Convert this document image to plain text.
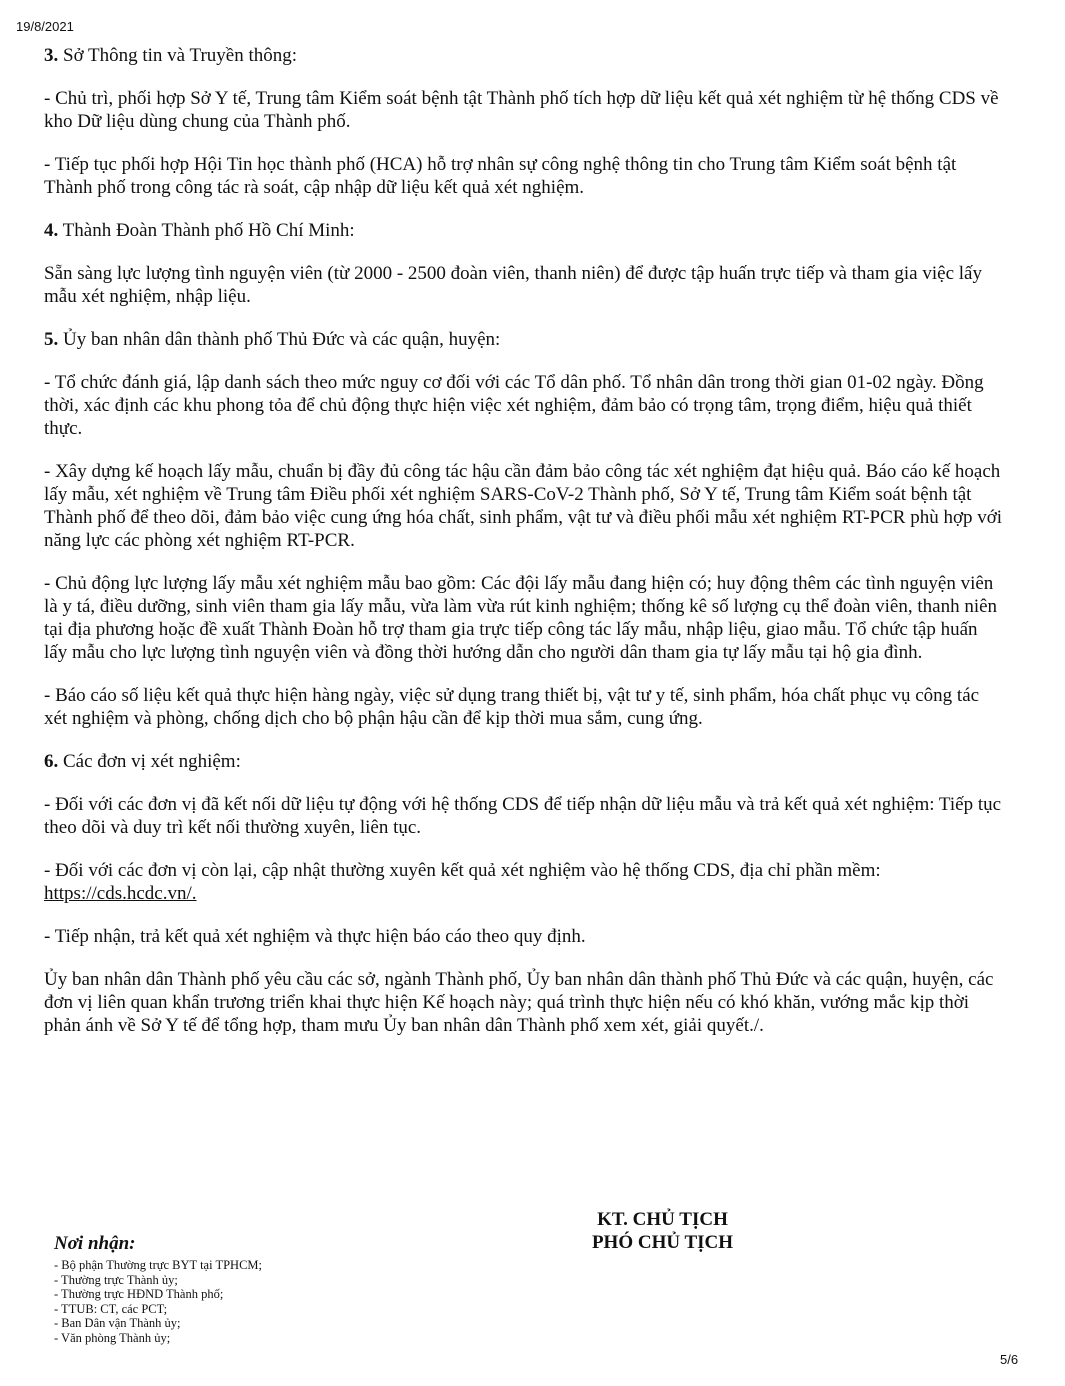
19/8/2021

3. Sở Thông tin và Truyền thông:

- Chủ trì, phối hợp Sở Y tế, Trung tâm Kiểm soát bệnh tật Thành phố tích hợp dữ liệu kết quả xét nghiệm từ hệ thống CDS về kho Dữ liệu dùng chung của Thành phố.

- Tiếp tục phối hợp Hội Tin học thành phố (HCA) hỗ trợ nhân sự công nghệ thông tin cho Trung tâm Kiểm soát bệnh tật Thành phố trong công tác rà soát, cập nhập dữ liệu kết quả xét nghiệm.

4. Thành Đoàn Thành phố Hồ Chí Minh:

Sẵn sàng lực lượng tình nguyện viên (từ 2000 - 2500 đoàn viên, thanh niên) để được tập huấn trực tiếp và tham gia việc lấy mẫu xét nghiệm, nhập liệu.

5. Ủy ban nhân dân thành phố Thủ Đức và các quận, huyện:

- Tổ chức đánh giá, lập danh sách theo mức nguy cơ đối với các Tổ dân phố. Tổ nhân dân trong thời gian 01-02 ngày. Đồng thời, xác định các khu phong tỏa để chủ động thực hiện việc xét nghiệm, đảm bảo có trọng tâm, trọng điểm, hiệu quả thiết thực.

- Xây dựng kế hoạch lấy mẫu, chuẩn bị đầy đủ công tác hậu cần đảm bảo công tác xét nghiệm đạt hiệu quả. Báo cáo kế hoạch lấy mẫu, xét nghiệm về Trung tâm Điều phối xét nghiệm SARS-CoV-2 Thành phố, Sở Y tế, Trung tâm Kiểm soát bệnh tật Thành phố để theo dõi, đảm bảo việc cung ứng hóa chất, sinh phẩm, vật tư và điều phối mẫu xét nghiệm RT-PCR phù hợp với năng lực các phòng xét nghiệm RT-PCR.

- Chủ động lực lượng lấy mẫu xét nghiệm mẫu bao gồm: Các đội lấy mẫu đang hiện có; huy động thêm các tình nguyện viên là y tá, điều dưỡng, sinh viên tham gia lấy mẫu, vừa làm vừa rút kinh nghiệm; thống kê số lượng cụ thể đoàn viên, thanh niên tại địa phương hoặc đề xuất Thành Đoàn hỗ trợ tham gia trực tiếp công tác lấy mẫu, nhập liệu, giao mẫu. Tổ chức tập huấn lấy mẫu cho lực lượng tình nguyện viên và đồng thời hướng dẫn cho người dân tham gia tự lấy mẫu tại hộ gia đình.

- Báo cáo số liệu kết quả thực hiện hàng ngày, việc sử dụng trang thiết bị, vật tư y tế, sinh phẩm, hóa chất phục vụ công tác xét nghiệm và phòng, chống dịch cho bộ phận hậu cần để kịp thời mua sắm, cung ứng.

6. Các đơn vị xét nghiệm:

- Đối với các đơn vị đã kết nối dữ liệu tự động với hệ thống CDS để tiếp nhận dữ liệu mẫu và trả kết quả xét nghiệm: Tiếp tục theo dõi và duy trì kết nối thường xuyên, liên tục.

- Đối với các đơn vị còn lại, cập nhật thường xuyên kết quả xét nghiệm vào hệ thống CDS, địa chỉ phần mềm:
https://cds.hcdc.vn/.

- Tiếp nhận, trả kết quả xét nghiệm và thực hiện báo cáo theo quy định.

Ủy ban nhân dân Thành phố yêu cầu các sở, ngành Thành phố, Ủy ban nhân dân thành phố Thủ Đức và các quận, huyện, các đơn vị liên quan khẩn trương triển khai thực hiện Kế hoạch này; quá trình thực hiện nếu có khó khăn, vướng mắc kịp thời phản ánh về Sở Y tế để tổng hợp, tham mưu Ủy ban nhân dân Thành phố xem xét, giải quyết./.

KT. CHỦ TỊCH
PHÓ CHỦ TỊCH
Nơi nhận:
- Bộ phận Thường trực BYT tại TPHCM;
- Thường trực Thành ủy;
- Thường trực HĐND Thành phố;
- TTUB: CT, các PCT;
- Ban Dân vận Thành ủy;
- Văn phòng Thành ủy;
5/6
